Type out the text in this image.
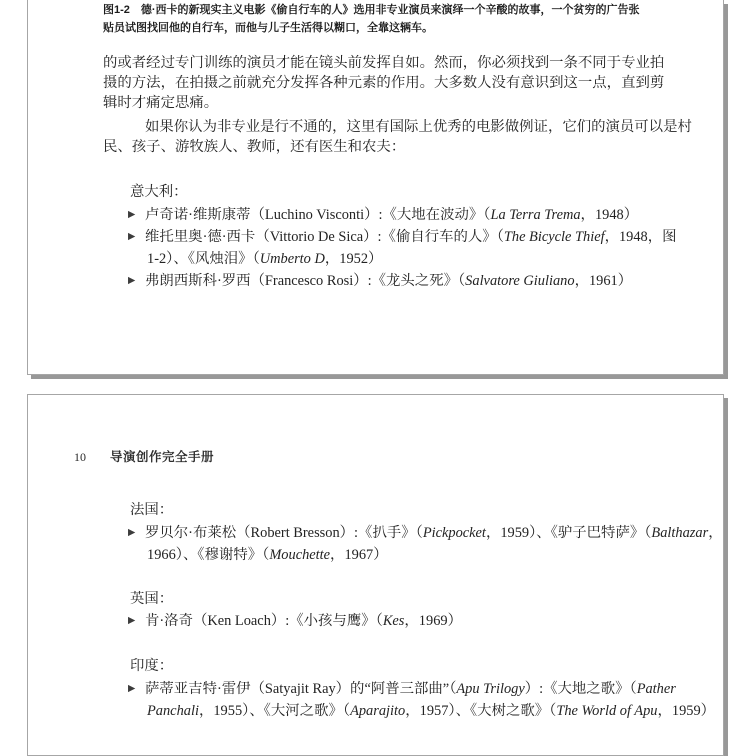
图1-2　德·西卡的新现实主义电影《偷自行车的人》选用非专业演员来演绎一个辛酸的故事，一个贫穷的广告张
贴员试图找回他的自行车，而他与儿子生活得以糊口，全靠这辆车。
的或者经过专门训练的演员才能在镜头前发挥自如。然而，你必须找到一条不同于专业拍
摄的方法，在拍摄之前就充分发挥各种元素的作用。大多数人没有意识到这一点，直到剪
辑时才痛定思痛。
如果你认为非专业是行不通的，这里有国际上优秀的电影做例证，它们的演员可以是村
民、孩子、游牧族人、教师，还有医生和农夫：
意大利：
▶ 卢奇诺·维斯康蒂（Luchino Visconti）:《大地在波动》（La Terra Trema，1948）
▶ 维托里奥·德·西卡（Vittorio De Sica）:《偷自行车的人》（The Bicycle Thief，1948，图
1-2）、《风烛泪》（Umberto D，1952）
▶ 弗朗西斯科·罗西（Francesco Rosi）:《龙头之死》（Salvatore Giuliano，1961）
10 导演创作完全手册
法国：
▶ 罗贝尔·布莱松（Robert Bresson）:《扒手》（Pickpocket，1959）、《驴子巴特萨》（Balthazar，
1966）、《穆谢特》（Mouchette，1967）
英国：
▶ 肯·洛奇（Ken Loach）:《小孩与鹰》（Kes，1969）
印度：
▶ 萨蒂亚吉特·雷伊（Satyajit Ray）的“阿普三部曲”（Apu Trilogy）:《大地之歌》（Pather
Panchali，1955）、《大河之歌》（Aparajito，1957）、《大树之歌》（The World of Apu，1959）
